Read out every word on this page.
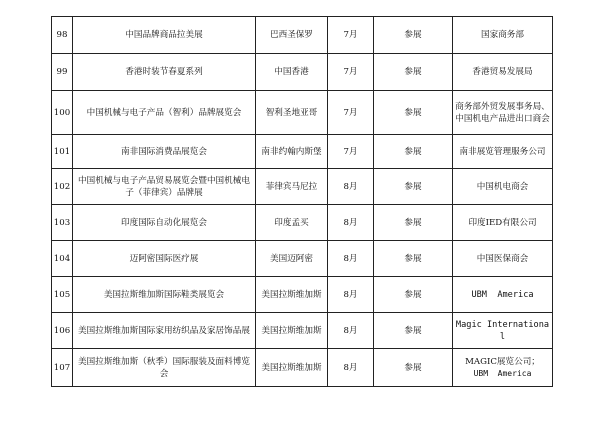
98	中国品牌商品拉美展	巴西圣保罗	7月	参展	国家商务部

99	香港时装节春夏系列	中国香港	7月	参展	香港贸易发展局

100	中国机械与电子产品（智利）品牌展览会	智利圣地亚哥	7月	参展	商务部外贸发展事务局、
中国机电产品进出口商会

101	南非国际消费品展览会	南非约翰内斯堡	7月	参展	南非展览管理服务公司

102	中国机械与电子产品贸易展览会暨中国机械电子（菲律宾）品牌展	菲律宾马尼拉	8月	参展	中国机电商会

103	印度国际自动化展览会	印度孟买	8月	参展	印度IED有限公司

104	迈阿密国际医疗展	美国迈阿密	8月	参展	中国医保商会

105	美国拉斯维加斯国际鞋类展览会	美国拉斯维加斯	8月	参展	UBM  America

106	美国拉斯维加斯国际家用纺织品及家居饰品展	美国拉斯维加斯	8月	参展	Magic International

107	美国拉斯维加斯（秋季）国际服装及面料博览会	美国拉斯维加斯	8月	参展	MAGIC展览公司；
UBM  America
